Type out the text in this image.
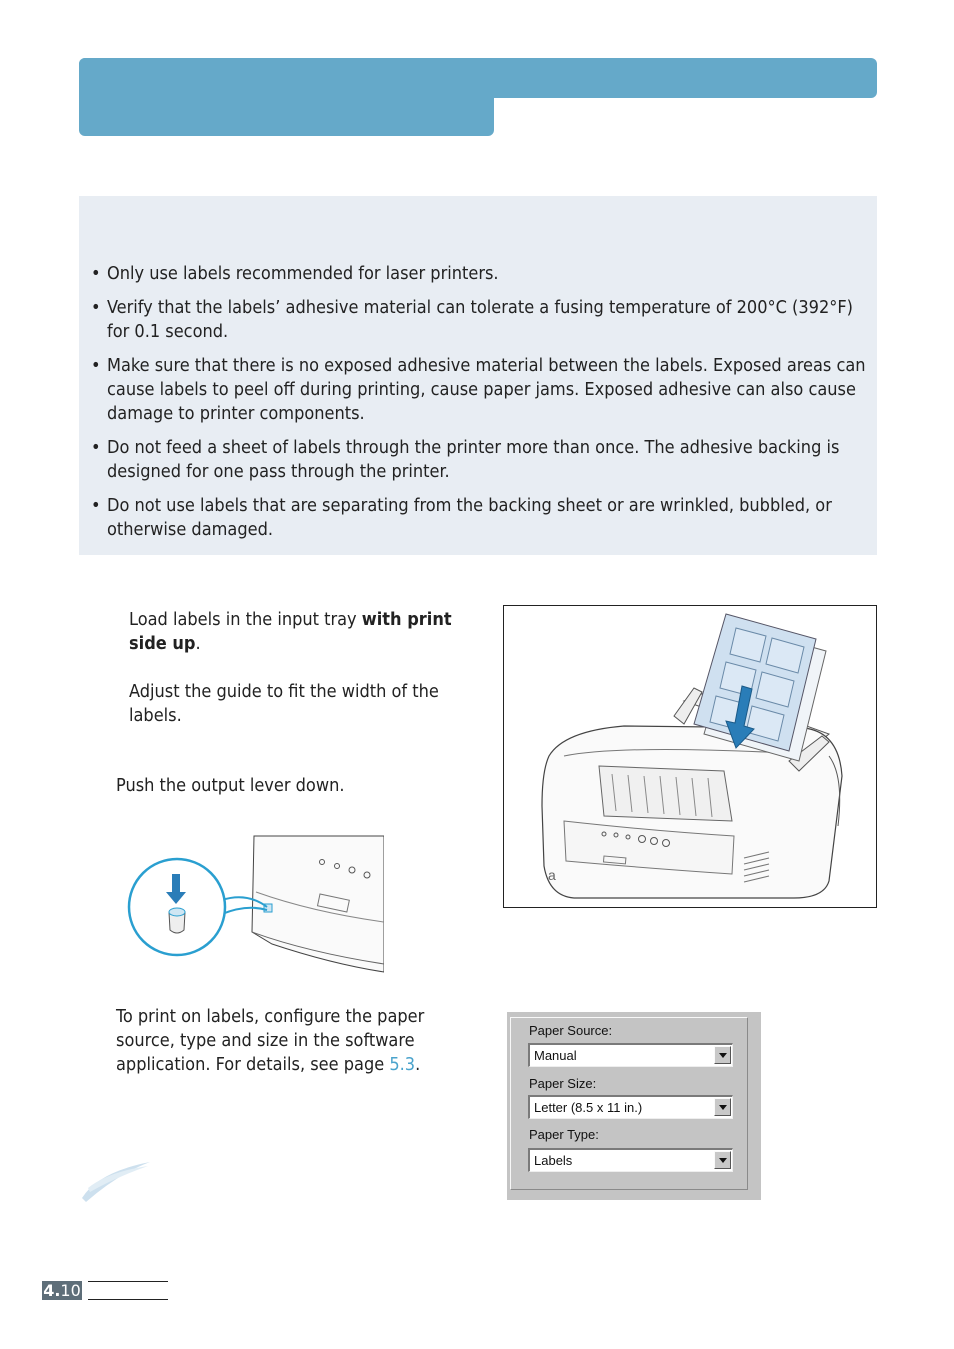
• Only use labels recommended for laser printers.
• Verify that the labels’ adhesive material can tolerate a fusing temperature of 200°C (392°F) for 0.1 second.
• Make sure that there is no exposed adhesive material between the labels. Exposed areas can cause labels to peel off during printing, cause paper jams. Exposed adhesive can also cause damage to printer components.
• Do not feed a sheet of labels through the printer more than once. The adhesive backing is designed for one pass through the printer.
• Do not use labels that are separating from the backing sheet or are wrinkled, bubbled, or otherwise damaged.
Load labels in the input tray with print side up.
Adjust the guide to fit the width of the labels.
Push the output lever down.
To print on labels, configure the paper source, type and size in the software application. For details, see page 5.3.
a
Paper Source:
Manual
Paper Size:
Letter (8.5 x 11 in.)
Paper Type:
Labels
4.10
